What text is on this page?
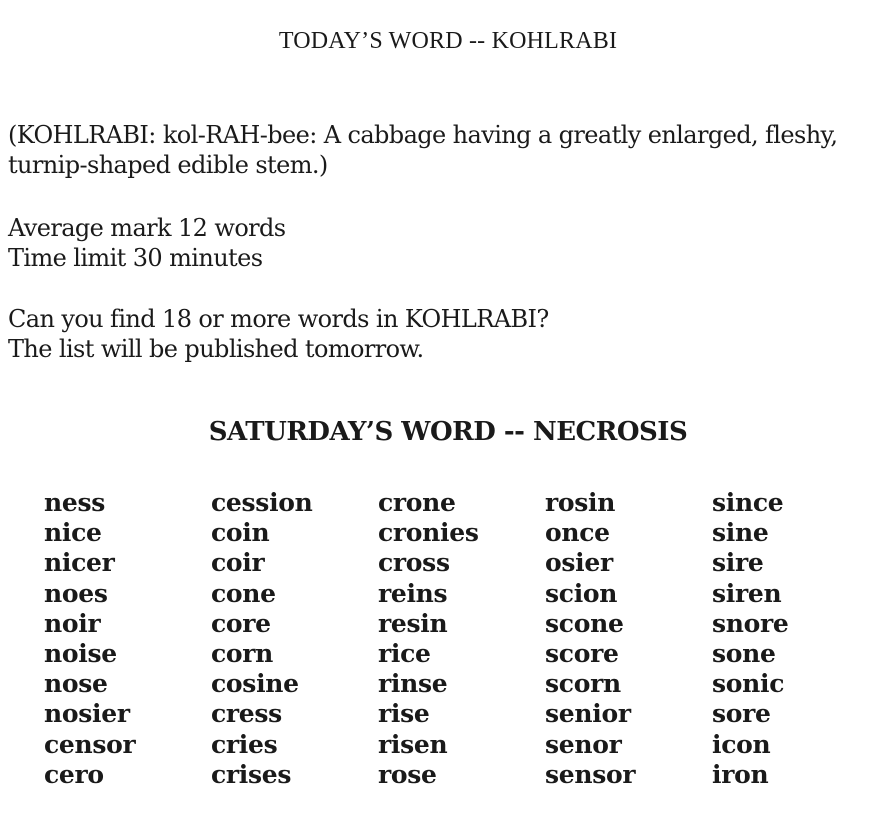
TODAY’S WORD -- KOHLRABI
(KOHLRABI: kol-RAH-bee: A cabbage having a greatly enlarged, fleshy,
turnip-shaped edible stem.)
Average mark 12 words
Time limit 30 minutes
Can you find 18 or more words in KOHLRABI?
The list will be published tomorrow.
SATURDAY’S WORD -- NECROSIS
ness	cession	crone	rosin	since
nice	coin	cronies	once	sine
nicer	coir	cross	osier	sire
noes	cone	reins	scion	siren
noir	core	resin	scone	snore
noise	corn	rice	score	sone
nose	cosine	rinse	scorn	sonic
nosier	cress	rise	senior	sore
censor	cries	risen	senor	icon
cero	crises	rose	sensor	iron
